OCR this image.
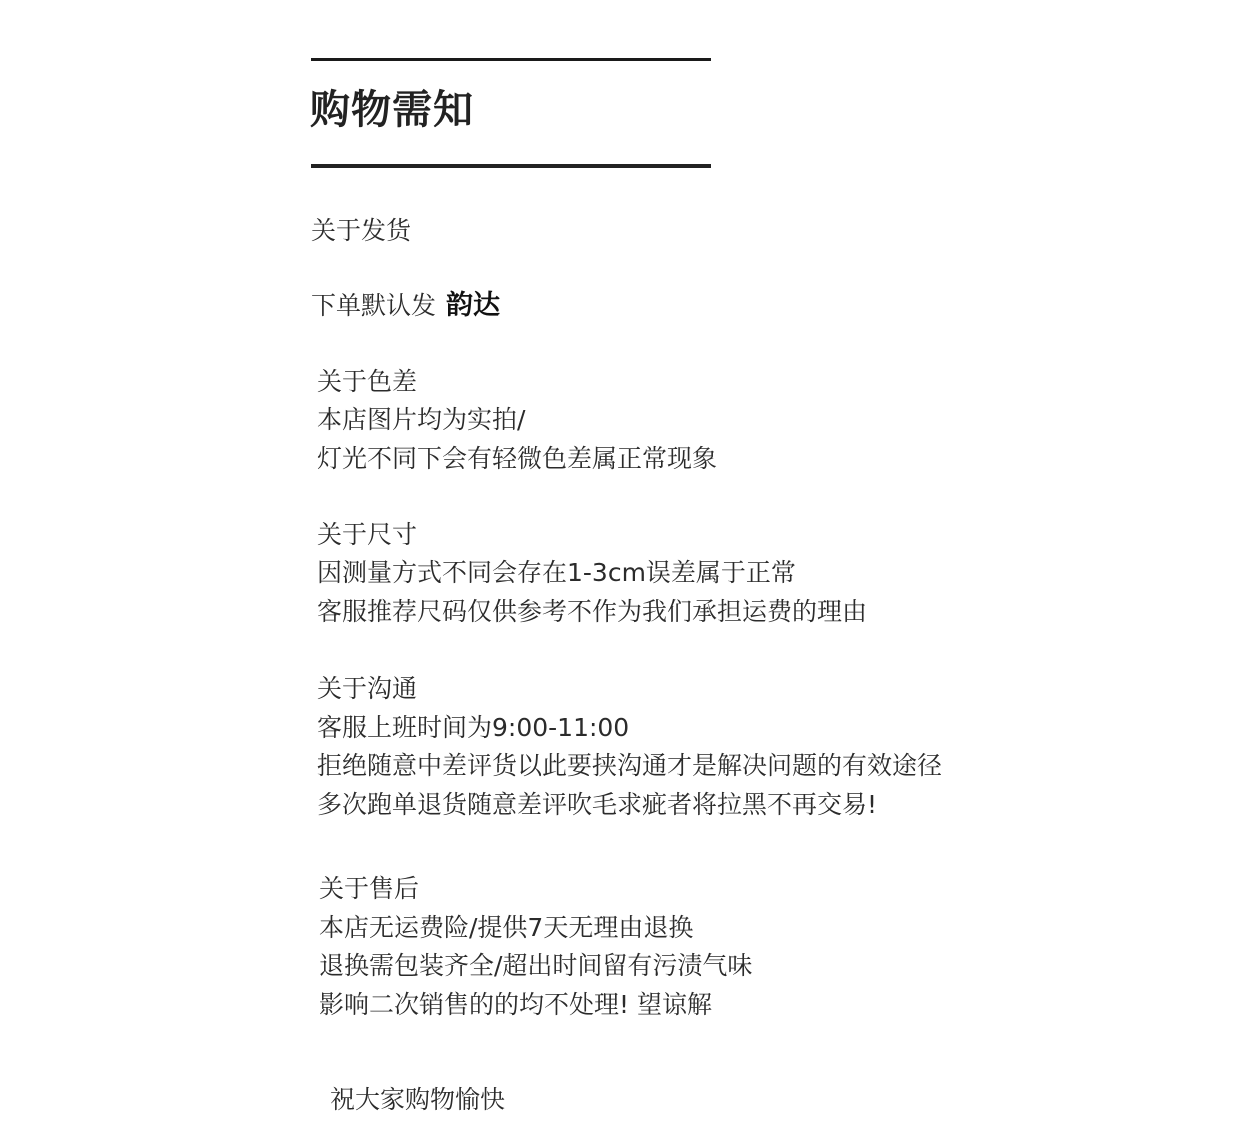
购物需知
关于发货
下单默认发 韵达
关于色差
本店图片均为实拍/
灯光不同下会有轻微色差属正常现象
关于尺寸
因测量方式不同会存在1-3cm误差属于正常
客服推荐尺码仅供参考不作为我们承担运费的理由
关于沟通
客服上班时间为9:00-11:00
拒绝随意中差评货以此要挟沟通才是解决问题的有效途径
多次跑单退货随意差评吹毛求疵者将拉黑不再交易!
关于售后
本店无运费险/提供7天无理由退换
退换需包装齐全/超出时间留有污渍气味
影响二次销售的的均不处理! 望谅解
祝大家购物愉快
